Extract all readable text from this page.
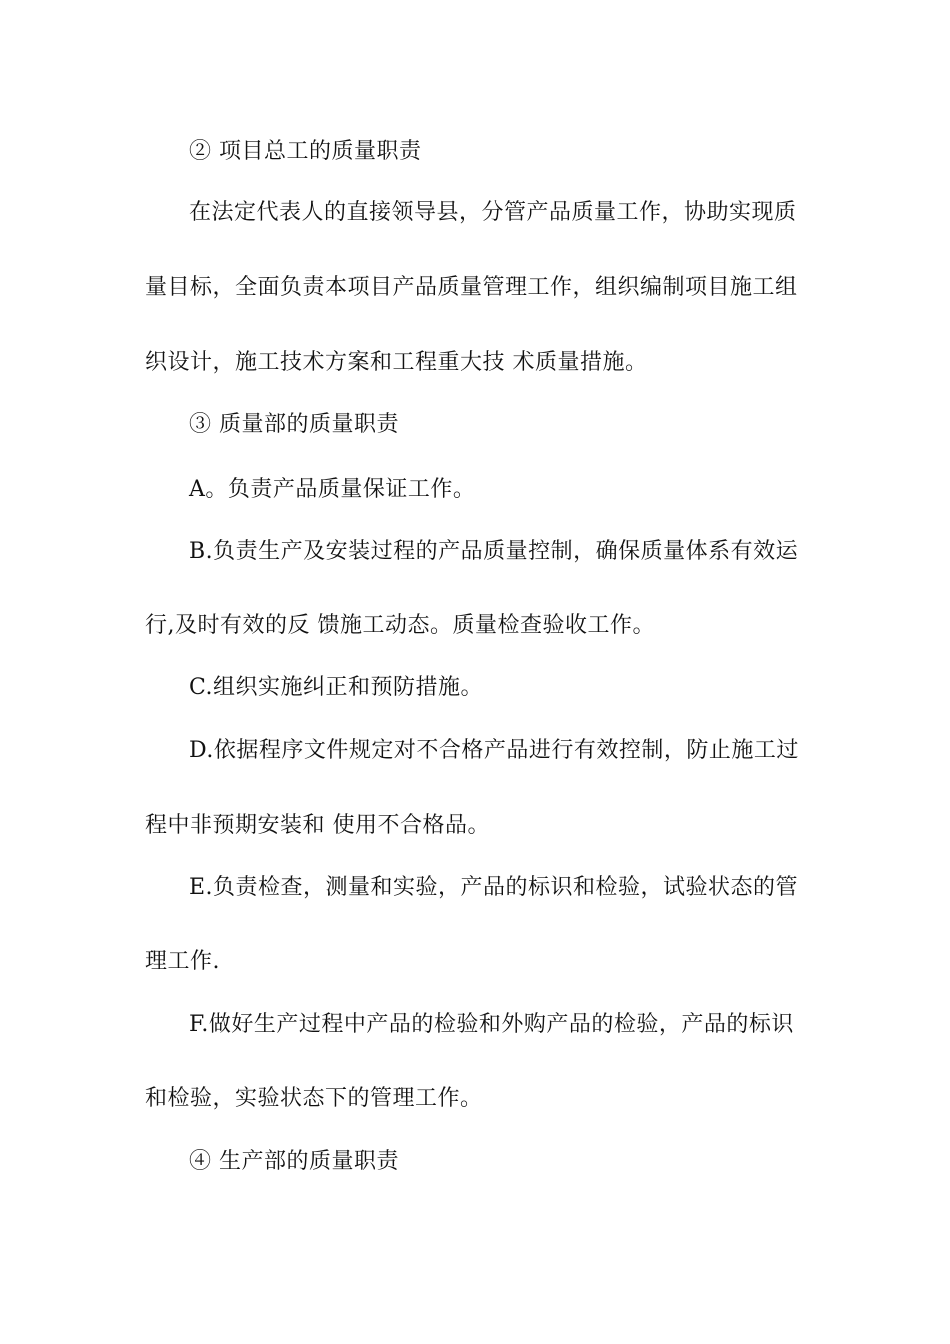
② 项目总工的质量职责
在法定代表人的直接领导县，分管产品质量工作，协助实现质
量目标，全面负责本项目产品质量管理工作，组织编制项目施工组
织设计，施工技术方案和工程重大技 术质量措施。
③ 质量部的质量职责
A。负责产品质量保证工作。
B.负责生产及安装过程的产品质量控制，确保质量体系有效运
行,及时有效的反 馈施工动态。质量检查验收工作。
C.组织实施纠正和预防措施。
D.依据程序文件规定对不合格产品进行有效控制，防止施工过
程中非预期安装和 使用不合格品。
E.负责检查，测量和实验，产品的标识和检验，试验状态的管
理工作.
F.做好生产过程中产品的检验和外购产品的检验，产品的标识
和检验，实验状态下的管理工作。
④ 生产部的质量职责
